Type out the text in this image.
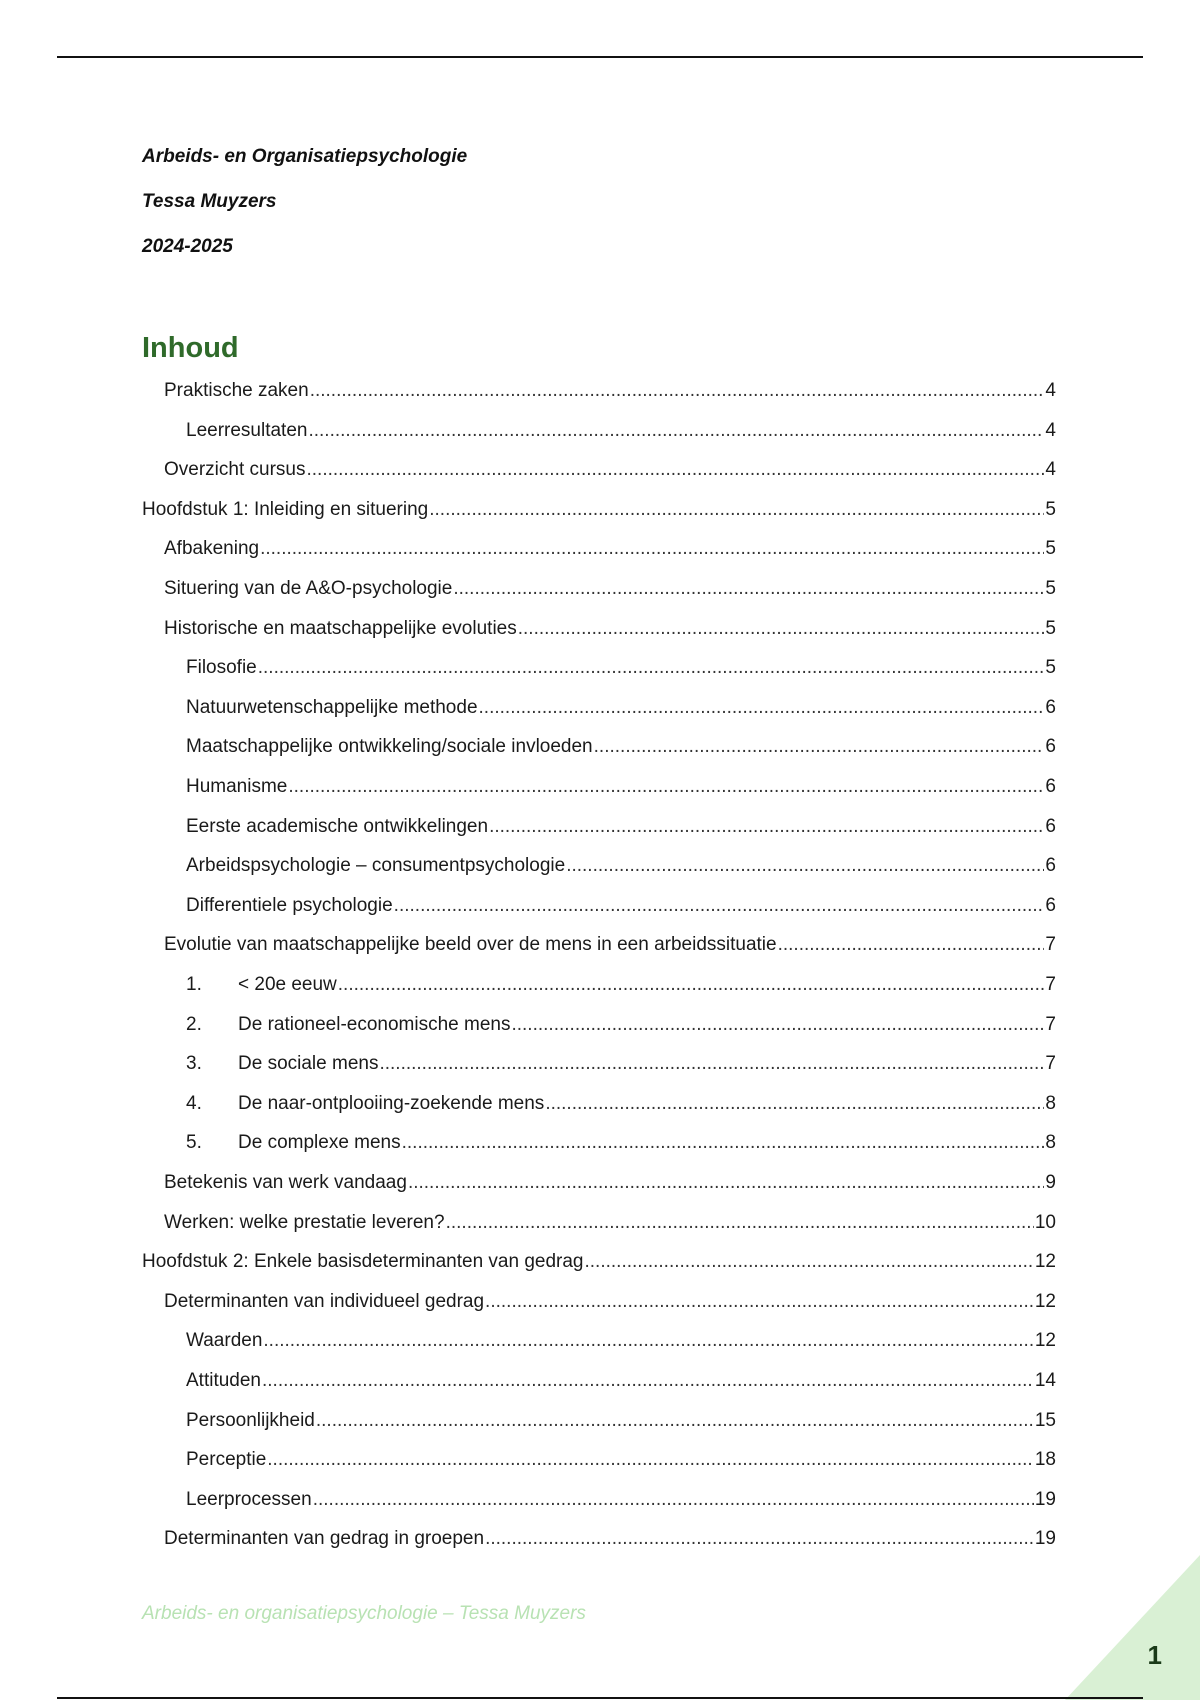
Arbeids- en Organisatiepsychologie
Tessa Muyzers
2024-2025
Inhoud
Praktische zaken .....	4
Leerresultaten .....	4
Overzicht cursus .....	4
Hoofdstuk 1: Inleiding en situering .....	5
Afbakening .....	5
Situering van de A&O-psychologie .....	5
Historische en maatschappelijke evoluties .....	5
Filosofie .....	5
Natuurwetenschappelijke methode .....	6
Maatschappelijke ontwikkeling/sociale invloeden .....	6
Humanisme .....	6
Eerste academische ontwikkelingen .....	6
Arbeidspsychologie – consumentpsychologie .....	6
Differentiele psychologie .....	6
Evolutie van maatschappelijke beeld over de mens in een arbeidssituatie .....	7
1.	< 20e eeuw .....	7
2.	De rationeel-economische mens .....	7
3.	De sociale mens .....	7
4.	De naar-ontplooiing-zoekende mens .....	8
5.	De complexe mens .....	8
Betekenis van werk vandaag .....	9
Werken: welke prestatie leveren? .....	10
Hoofdstuk 2: Enkele basisdeterminanten van gedrag .....	12
Determinanten van individueel gedrag .....	12
Waarden .....	12
Attituden .....	14
Persoonlijkheid .....	15
Perceptie .....	18
Leerprocessen .....	19
Determinanten van gedrag in groepen .....	19
Arbeids- en organisatiepsychologie – Tessa Muyzers
1
